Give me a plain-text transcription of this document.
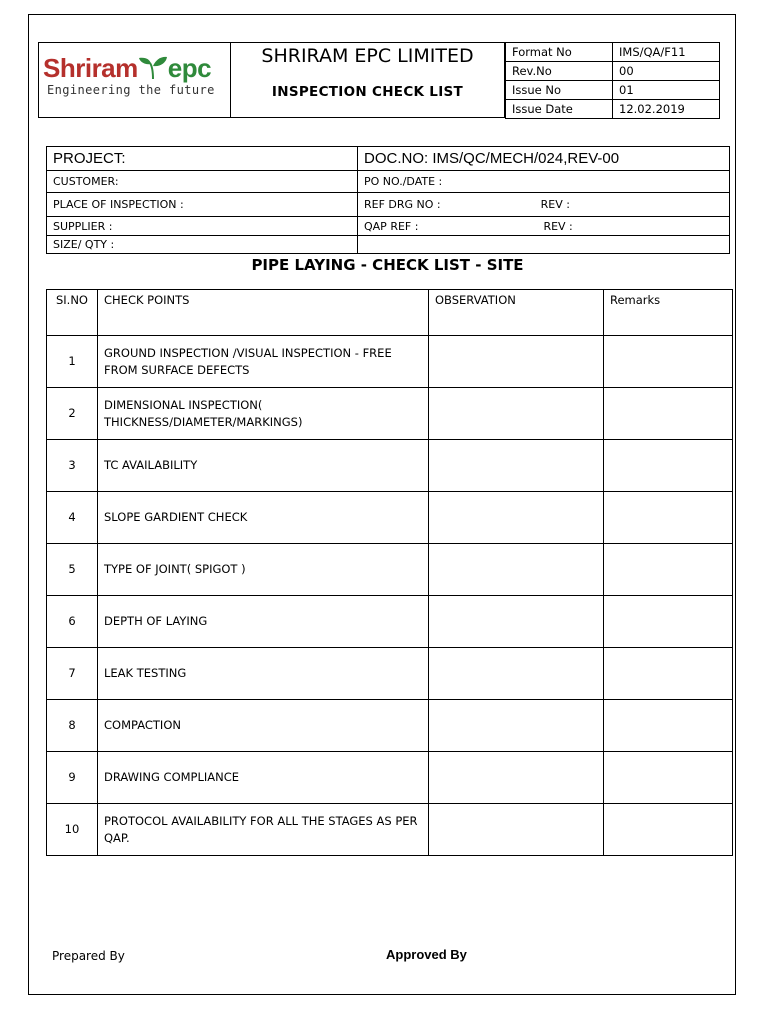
Shriram epc
Engineering the future
SHRIRAM EPC LIMITED
INSPECTION CHECK LIST
Format No	IMS/QA/F11
Rev.No	00
Issue No	01
Issue Date	12.02.2019
PROJECT:	DOC.NO: IMS/QC/MECH/024,REV-00
CUSTOMER:	PO NO./DATE :
PLACE OF INSPECTION :	REF DRG NO : REV :
SUPPLIER :	QAP REF : REV :
SIZE/ QTY :	
PIPE LAYING - CHECK LIST - SITE
SI.NO	CHECK POINTS	OBSERVATION	Remarks
1	GROUND INSPECTION /VISUAL INSPECTION - FREE FROM SURFACE DEFECTS		
2	DIMENSIONAL INSPECTION( THICKNESS/DIAMETER/MARKINGS)		
3	TC AVAILABILITY		
4	SLOPE GARDIENT CHECK		
5	TYPE OF JOINT( SPIGOT )		
6	DEPTH OF LAYING		
7	LEAK TESTING		
8	COMPACTION		
9	DRAWING COMPLIANCE		
10	PROTOCOL AVAILABILITY FOR ALL THE STAGES AS PER QAP.		
Prepared By	Approved By
